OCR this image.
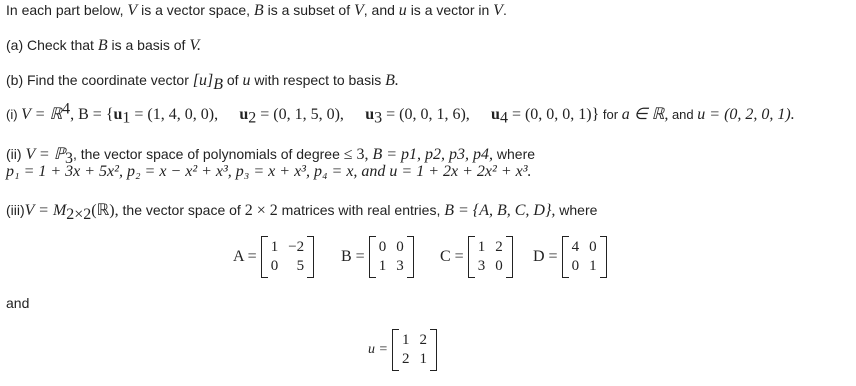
In each part below, V is a vector space, B is a subset of V, and u is a vector in V.
(a) Check that B is a basis of V.
(b) Find the coordinate vector $[u]_B$ of u with respect to basis B.
(i) V = ℝ$^4$, $B = \{u_1 = (1$, 4, 0, 0), $u_2 = (0$, 1, 5, 0), $u_3 = (0$, 0, 1, 6), $u_4 = (0$, 0, 0, 1)} for a ∈ ℝ, and u = (0, 2, 0, 1).
(ii) V = ℙ$_3$, the vector space of polynomials of degree ≤ 3, B = p1, p2, p3, p4, where
p₁ = 1 + 3x + 5x², p₂ = x − x² + x³, p₃ = x + x³, p₄ = x, and u = 1 + 2x + 2x² + x³.
$(iii)V = M_{2\times 2}(ℝ)$, the vector space of 2 × 2 matrices with real entries, B = {A, B, C, D}, where
A =
1 −2
0	5
B =
0 0
1 3
C =
1 2
3 0
D =
4 0
0 1
and
u =
1 2
2 1
